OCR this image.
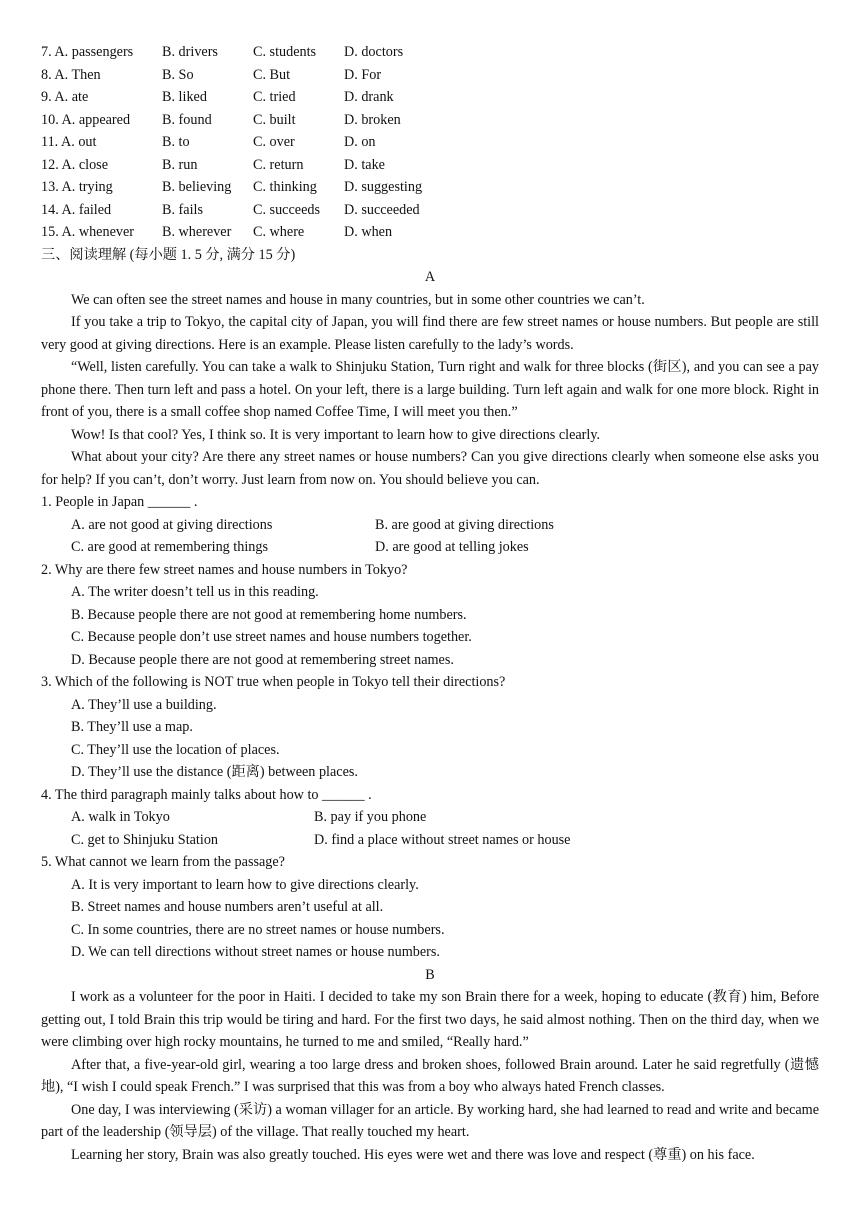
7. A. passengers B. drivers C. students D. doctors
8. A. Then	B. So	C. But	D. For
9. A. ate	B. liked	C. tried	D. drank
10. A. appeared B. found	C. built	D. broken
11. A. out	B. to	C. over	D. on
12. A. close	B. run	C. return	D. take
13. A. trying	B. believing C. thinking D. suggesting
14. A. failed	B. fails	C. succeeds D. succeeded
15. A. whenever B. wherever C. where	D. when
三、阅读理解 (每小题 1. 5 分, 满分 15 分)
A

We can often see the street names and house in many countries, but in some other countries we can’t.

If you take a trip to Tokyo, the capital city of Japan, you will find there are few street names or house numbers. But people are still very good at giving directions. Here is an example. Please listen carefully to the lady’s words.

“Well, listen carefully. You can take a walk to Shinjuku Station, Turn right and walk for three blocks (街区), and you can see a pay phone there. Then turn left and pass a hotel. On your left, there is a large building. Turn left again and walk for one more block. Right in front of you, there is a small coffee shop named Coffee Time, I will meet you then.”

Wow! Is that cool? Yes, I think so. It is very important to learn how to give directions clearly.

What about your city? Are there any street names or house numbers? Can you give directions clearly when someone else asks you for help? If you can’t, don’t worry. Just learn from now on. You should believe you can.

1. People in Japan ______ .
A. are not good at giving directions	B. are good at giving directions
C. are good at remembering things	D. are good at telling jokes
2. Why are there few street names and house numbers in Tokyo?
A. The writer doesn’t tell us in this reading.
B. Because people there are not good at remembering home numbers.
C. Because people don’t use street names and house numbers together.
D. Because people there are not good at remembering street names.
3. Which of the following is NOT true when people in Tokyo tell their directions?
A. They’ll use a building.
B. They’ll use a map.
C. They’ll use the location of places.
D. They’ll use the distance (距离) between places.
4. The third paragraph mainly talks about how to ______ .
A. walk in Tokyo	B. pay if you phone
C. get to Shinjuku Station	D. find a place without street names or house
5. What cannot we learn from the passage?
A. It is very important to learn how to give directions clearly.
B. Street names and house numbers aren’t useful at all.
C. In some countries, there are no street names or house numbers.
D. We can tell directions without street names or house numbers.
B

I work as a volunteer for the poor in Haiti. I decided to take my son Brain there for a week, hoping to educate (教育) him, Before getting out, I told Brain this trip would be tiring and hard. For the first two days, he said almost nothing. Then on the third day, when we were climbing over high rocky mountains, he turned to me and smiled, “Really hard.”

After that, a five-year-old girl, wearing a too large dress and broken shoes, followed Brain around. Later he said regretfully (遗憾地), “I wish I could speak French.” I was surprised that this was from a boy who always hated French classes.

One day, I was interviewing (采访) a woman villager for an article. By working hard, she had learned to read and write and became part of the leadership (领导层) of the village. That really touched my heart.

Learning her story, Brain was also greatly touched. His eyes were wet and there was love and respect (尊重) on his face.
